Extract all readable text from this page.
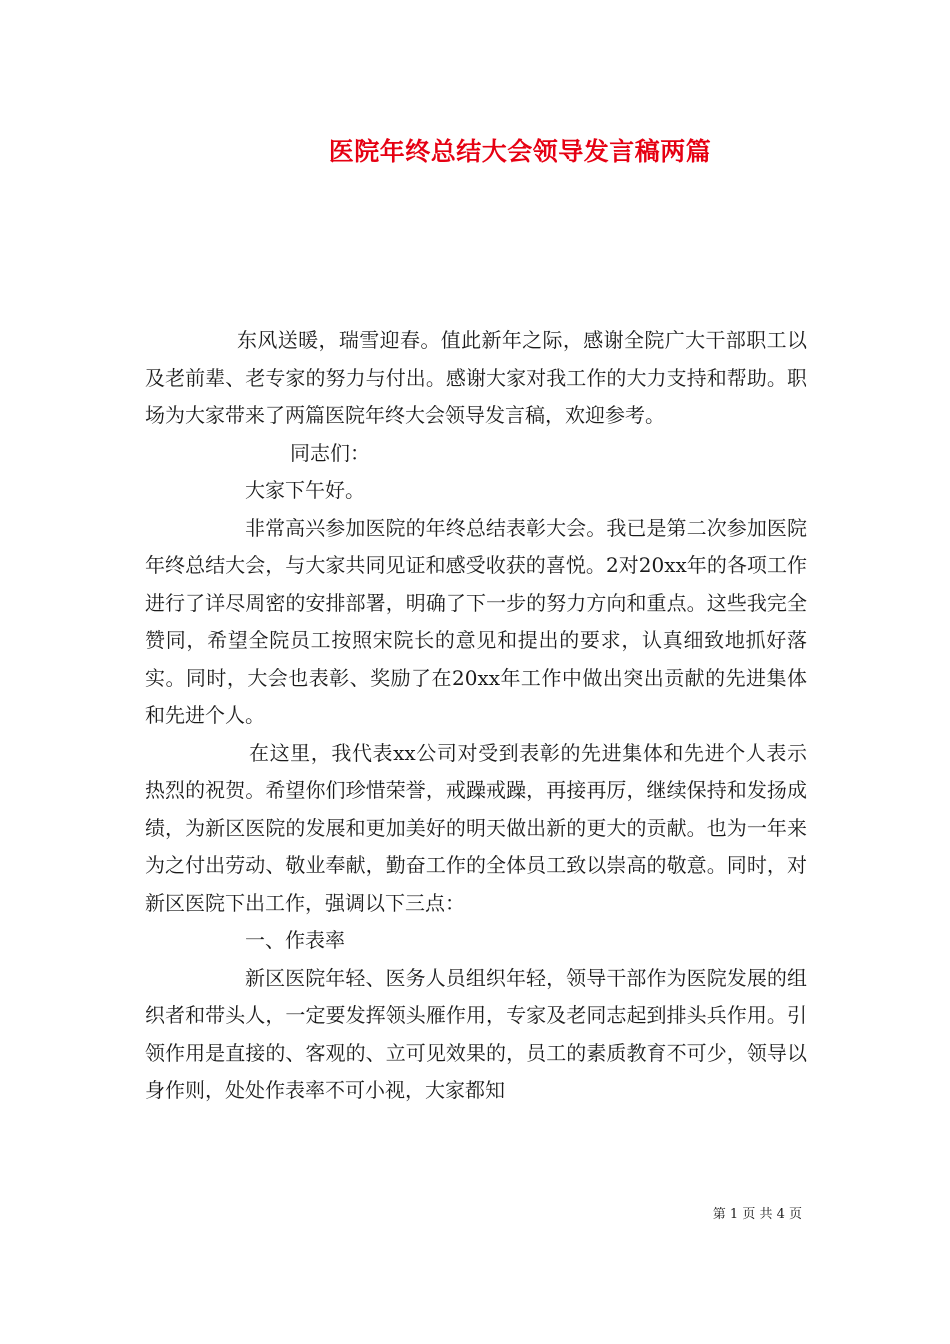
医院年终总结大会领导发言稿两篇

东风送暖，瑞雪迎春。值此新年之际，感谢全院广大干部职工以及老前辈、老专家的努力与付出。感谢大家对我工作的大力支持和帮助。职场为大家带来了两篇医院年终大会领导发言稿，欢迎参考。

同志们：

大家下午好。

非常高兴参加医院的年终总结表彰大会。我已是第二次参加医院年终总结大会，与大家共同见证和感受收获的喜悦。2对20xx年的各项工作进行了详尽周密的安排部署，明确了下一步的努力方向和重点。这些我完全赞同，希望全院员工按照宋院长的意见和提出的要求，认真细致地抓好落实。同时，大会也表彰、奖励了在20xx年工作中做出突出贡献的先进集体和先进个人。

在这里，我代表xx公司对受到表彰的先进集体和先进个人表示热烈的祝贺。希望你们珍惜荣誉，戒躁戒躁，再接再厉，继续保持和发扬成绩，为新区医院的发展和更加美好的明天做出新的更大的贡献。也为一年来为之付出劳动、敬业奉献，勤奋工作的全体员工致以崇高的敬意。同时，对新区医院下出工作，强调以下三点：

一、作表率

新区医院年轻、医务人员组织年轻，领导干部作为医院发展的组织者和带头人，一定要发挥领头雁作用，专家及老同志起到排头兵作用。引领作用是直接的、客观的、立可见效果的，员工的素质教育不可少，领导以身作则，处处作表率不可小视，大家都知

第 1 页 共 4 页
